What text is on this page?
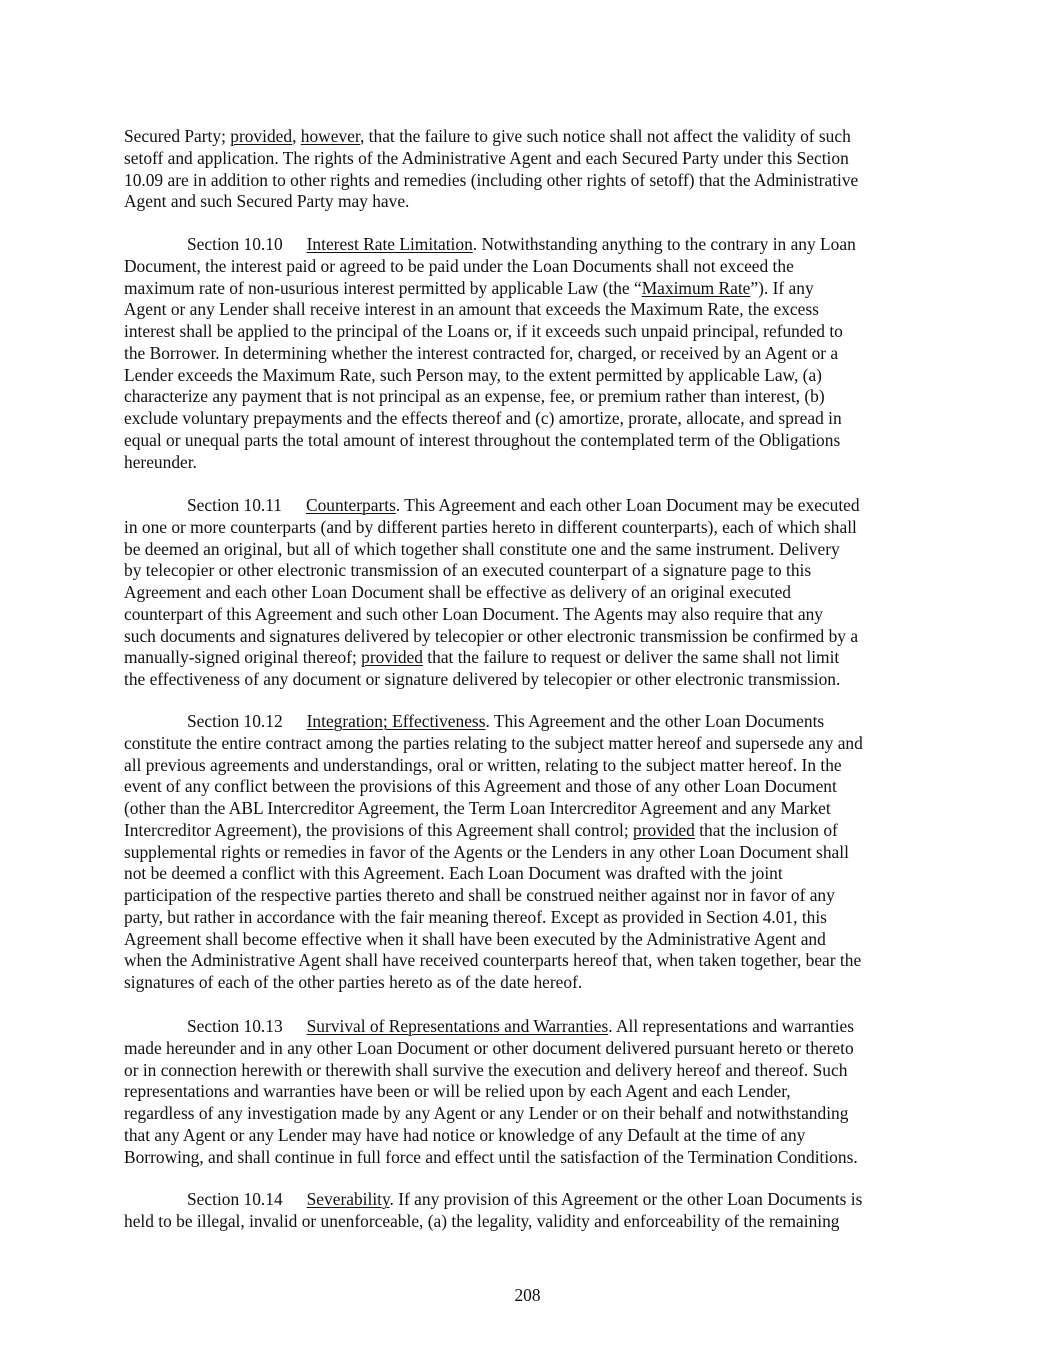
Secured Party; provided, however, that the failure to give such notice shall not affect the validity of such
setoff and application. The rights of the Administrative Agent and each Secured Party under this Section
10.09 are in addition to other rights and remedies (including other rights of setoff) that the Administrative
Agent and such Secured Party may have.
Section 10.10 Interest Rate Limitation. Notwithstanding anything to the contrary in any Loan
Document, the interest paid or agreed to be paid under the Loan Documents shall not exceed the
maximum rate of non-usurious interest permitted by applicable Law (the “Maximum Rate”). If any
Agent or any Lender shall receive interest in an amount that exceeds the Maximum Rate, the excess
interest shall be applied to the principal of the Loans or, if it exceeds such unpaid principal, refunded to
the Borrower. In determining whether the interest contracted for, charged, or received by an Agent or a
Lender exceeds the Maximum Rate, such Person may, to the extent permitted by applicable Law, (a)
characterize any payment that is not principal as an expense, fee, or premium rather than interest, (b)
exclude voluntary prepayments and the effects thereof and (c) amortize, prorate, allocate, and spread in
equal or unequal parts the total amount of interest throughout the contemplated term of the Obligations
hereunder.
Section 10.11 Counterparts. This Agreement and each other Loan Document may be executed
in one or more counterparts (and by different parties hereto in different counterparts), each of which shall
be deemed an original, but all of which together shall constitute one and the same instrument. Delivery
by telecopier or other electronic transmission of an executed counterpart of a signature page to this
Agreement and each other Loan Document shall be effective as delivery of an original executed
counterpart of this Agreement and such other Loan Document. The Agents may also require that any
such documents and signatures delivered by telecopier or other electronic transmission be confirmed by a
manually-signed original thereof; provided that the failure to request or deliver the same shall not limit
the effectiveness of any document or signature delivered by telecopier or other electronic transmission.
Section 10.12 Integration; Effectiveness. This Agreement and the other Loan Documents
constitute the entire contract among the parties relating to the subject matter hereof and supersede any and
all previous agreements and understandings, oral or written, relating to the subject matter hereof. In the
event of any conflict between the provisions of this Agreement and those of any other Loan Document
(other than the ABL Intercreditor Agreement, the Term Loan Intercreditor Agreement and any Market
Intercreditor Agreement), the provisions of this Agreement shall control; provided that the inclusion of
supplemental rights or remedies in favor of the Agents or the Lenders in any other Loan Document shall
not be deemed a conflict with this Agreement. Each Loan Document was drafted with the joint
participation of the respective parties thereto and shall be construed neither against nor in favor of any
party, but rather in accordance with the fair meaning thereof. Except as provided in Section 4.01, this
Agreement shall become effective when it shall have been executed by the Administrative Agent and
when the Administrative Agent shall have received counterparts hereof that, when taken together, bear the
signatures of each of the other parties hereto as of the date hereof.
Section 10.13 Survival of Representations and Warranties. All representations and warranties
made hereunder and in any other Loan Document or other document delivered pursuant hereto or thereto
or in connection herewith or therewith shall survive the execution and delivery hereof and thereof. Such
representations and warranties have been or will be relied upon by each Agent and each Lender,
regardless of any investigation made by any Agent or any Lender or on their behalf and notwithstanding
that any Agent or any Lender may have had notice or knowledge of any Default at the time of any
Borrowing, and shall continue in full force and effect until the satisfaction of the Termination Conditions.
Section 10.14 Severability. If any provision of this Agreement or the other Loan Documents is
held to be illegal, invalid or unenforceable, (a) the legality, validity and enforceability of the remaining
208
